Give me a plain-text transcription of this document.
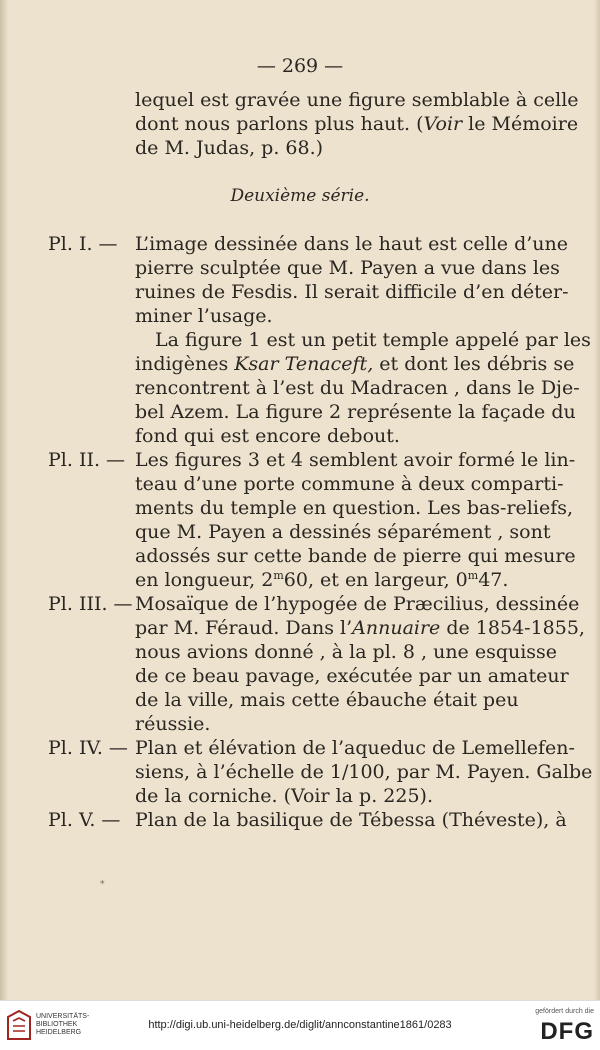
— 269 —
lequel est gravée une figure semblable à celle
dont nous parlons plus haut. (Voir le Mémoire
de M. Judas, p. 68.)
Deuxième série.
Pl. I. — L’image dessinée dans le haut est celle d’une
pierre sculptée que M. Payen a vue dans les
ruines de Fesdis. Il serait difficile d’en déter-
miner l’usage.
La figure 1 est un petit temple appelé par les
indigènes Ksar Tenaceft, et dont les débris se
rencontrent à l’est du Madracen , dans le Dje-
bel Azem. La figure 2 représente la façade du
fond qui est encore debout.
Pl. II. — Les figures 3 et 4 semblent avoir formé le lin-
teau d’une porte commune à deux comparti-
ments du temple en question. Les bas-reliefs,
que M. Payen a dessinés séparément , sont
adossés sur cette bande de pierre qui mesure
en longueur, 2$^m$60, et en largeur, 0$^m$47.
Pl. III. — Mosaïque de l’hypogée de Præcilius, dessinée
par M. Féraud. Dans l’Annuaire de 1854-1855,
nous avions donné , à la pl. 8 , une esquisse
de ce beau pavage, exécutée par un amateur
de la ville, mais cette ébauche était peu
réussie.
Pl. IV. — Plan et élévation de l’aqueduc de Lemellefen-
siens, à l’échelle de 1/100, par M. Payen. Galbe
de la corniche. (Voir la p. 225).
Pl. V. — Plan de la basilique de Tébessa (Théveste), à
*
UNIVERSITÄTS-
BIBLIOTHEK
HEIDELBERG
http://digi.ub.uni-heidelberg.de/diglit/annconstantine1861/0283
gefördert durch die
DFG
